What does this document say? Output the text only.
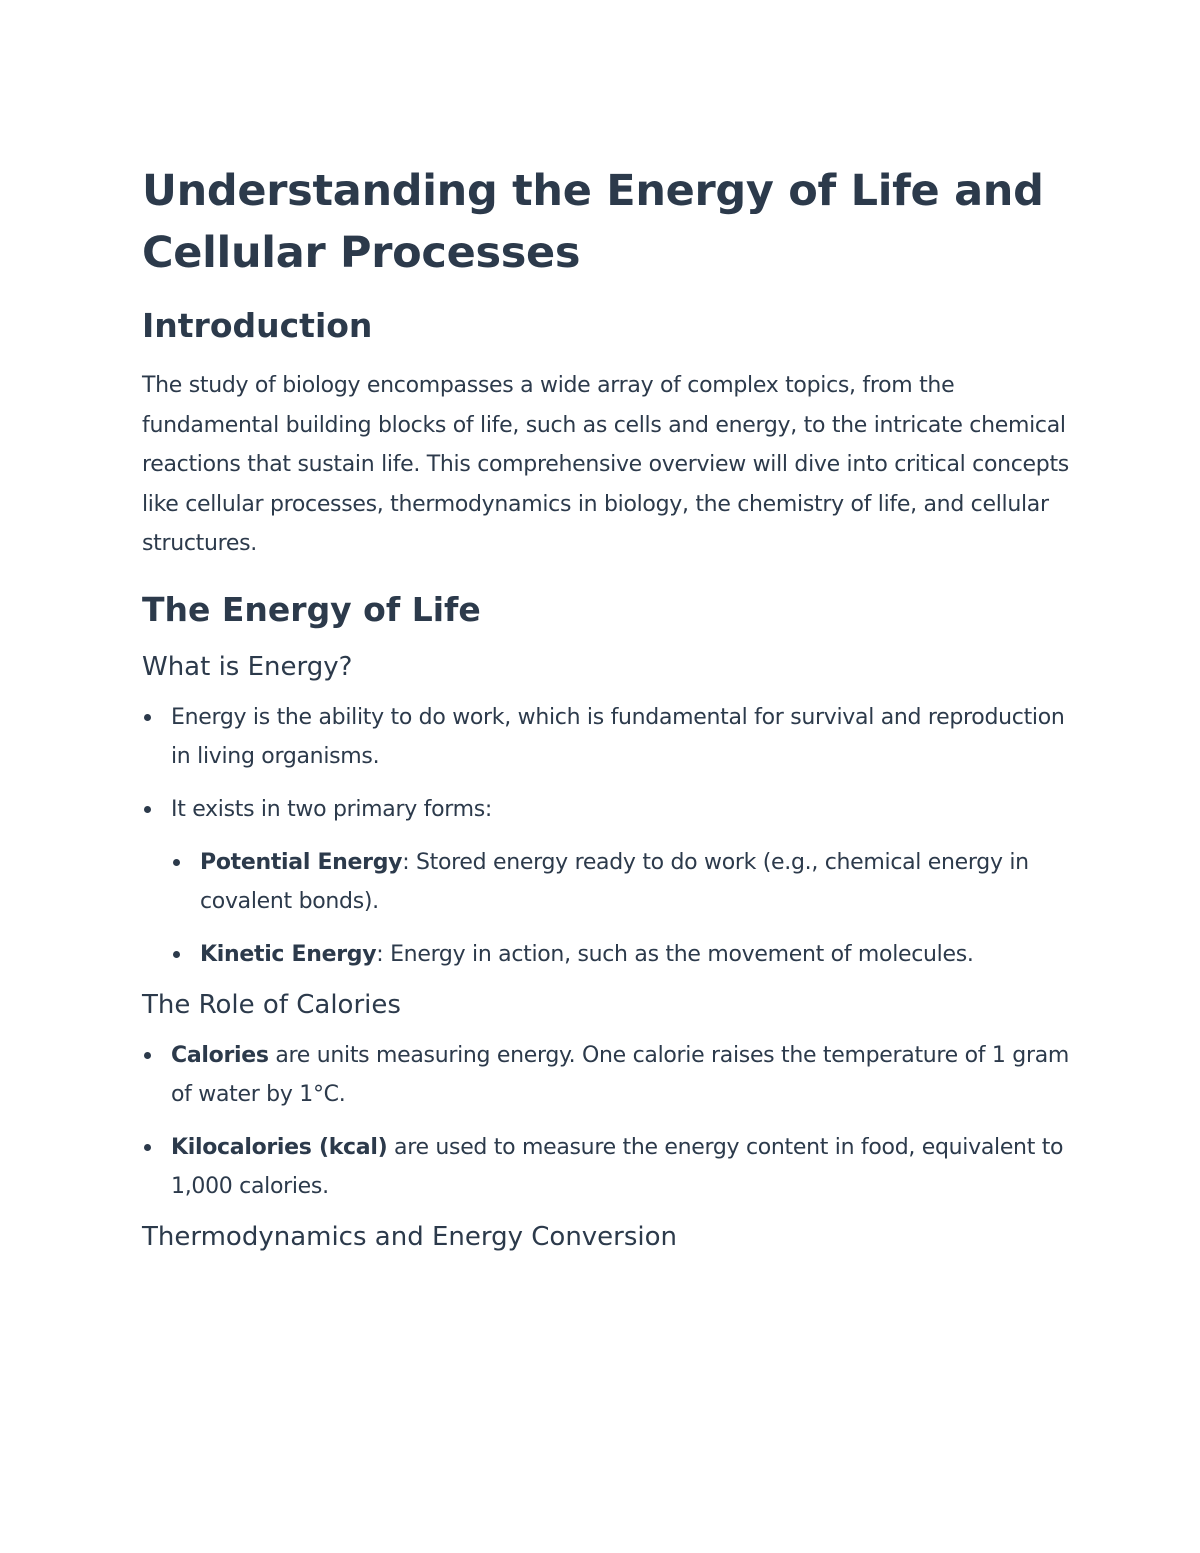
Understanding the Energy of Life and Cellular Processes
Introduction

The study of biology encompasses a wide array of complex topics, from the fundamental building blocks of life, such as cells and energy, to the intricate chemical reactions that sustain life. This comprehensive overview will dive into critical concepts like cellular processes, thermodynamics in biology, the chemistry of life, and cellular structures.

The Energy of Life
What is Energy?
Energy is the ability to do work, which is fundamental for survival and reproduction in living organisms.
It exists in two primary forms:
Potential Energy: Stored energy ready to do work (e.g., chemical energy in covalent bonds).
Kinetic Energy: Energy in action, such as the movement of molecules.
The Role of Calories
Calories are units measuring energy. One calorie raises the temperature of 1 gram of water by 1°C.
Kilocalories (kcal) are used to measure the energy content in food, equivalent to 1,000 calories.
Thermodynamics and Energy Conversion
